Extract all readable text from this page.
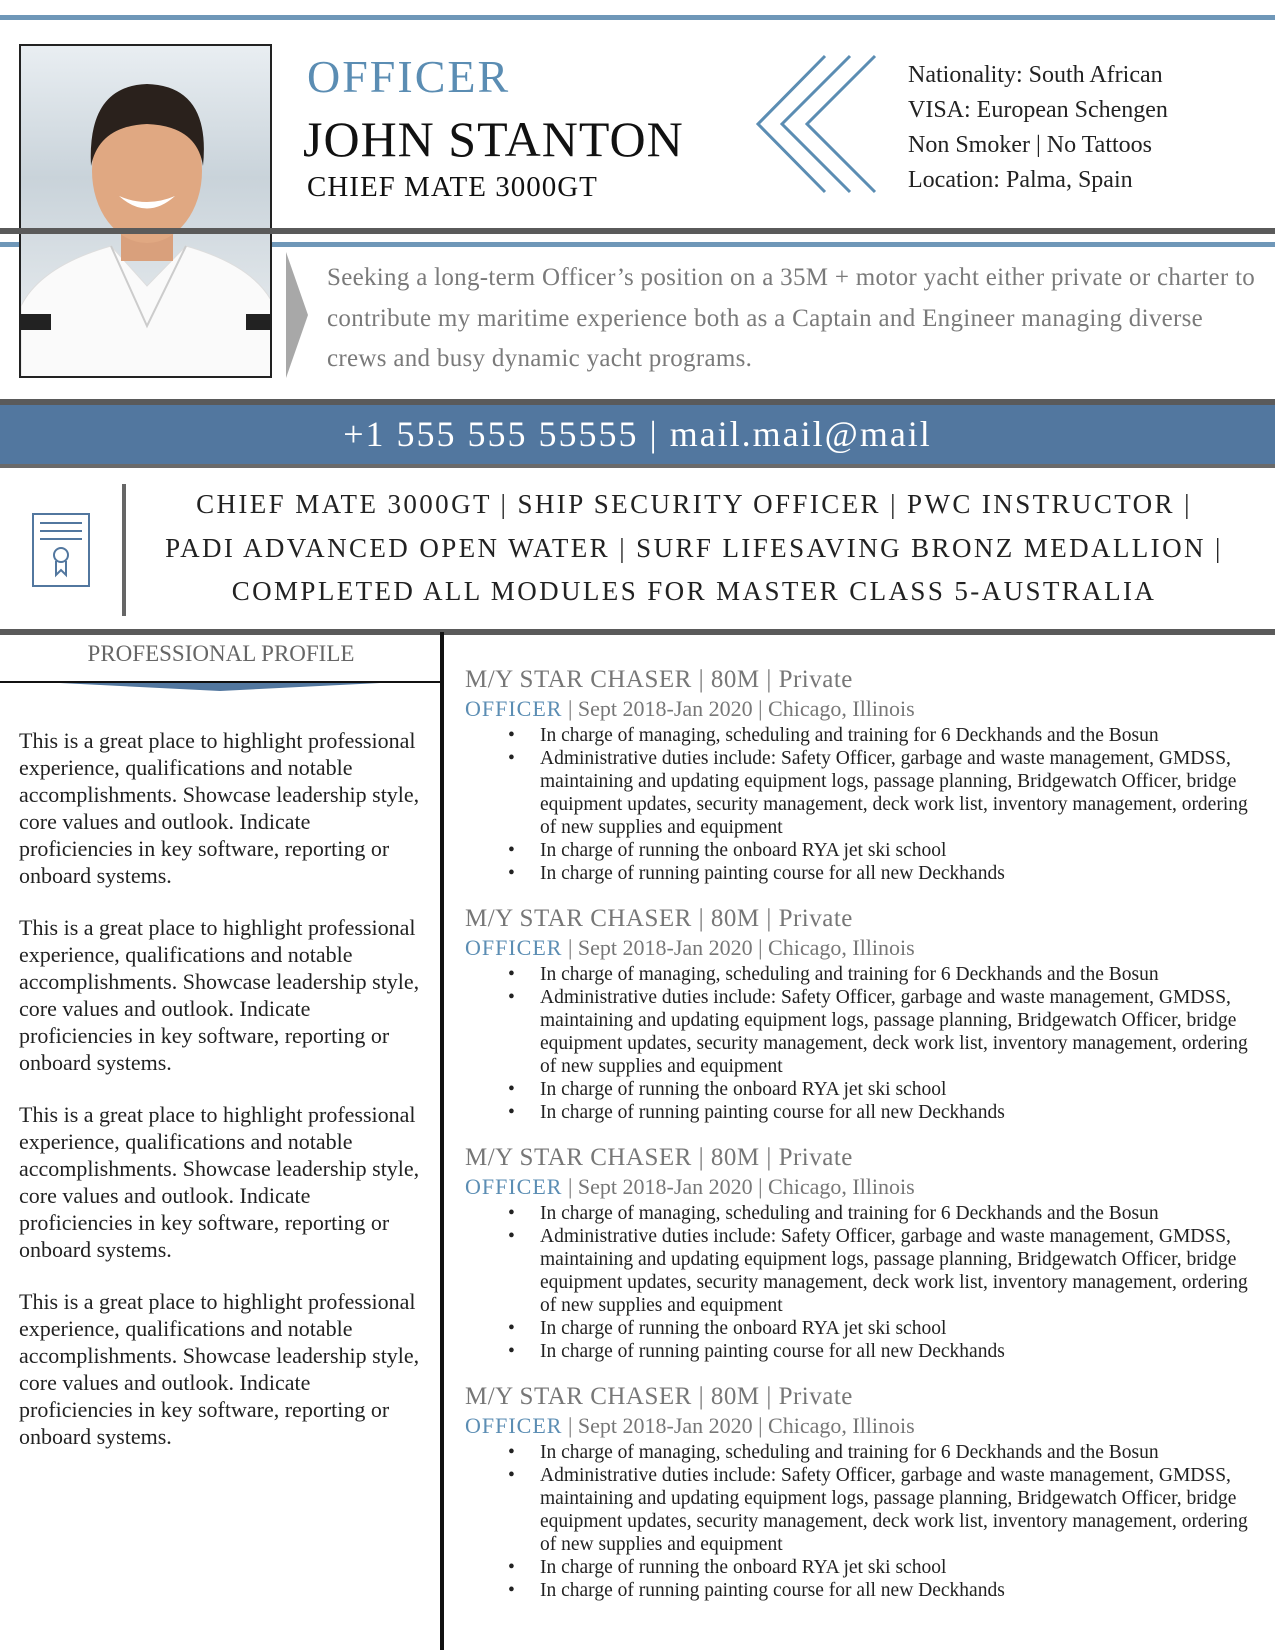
OFFICER
JOHN STANTON
CHIEF MATE 3000GT
Nationality: South African
VISA: European Schengen
Non Smoker | No Tattoos
Location: Palma, Spain
Seeking a long-term Officer’s position on a 35M + motor yacht either private or charter to contribute my maritime experience both as a Captain and Engineer managing diverse crews and busy dynamic yacht programs.
+1 555 555 55555 | mail.mail@mail
CHIEF MATE 3000GT | SHIP SECURITY OFFICER | PWC INSTRUCTOR |
PADI ADVANCED OPEN WATER | SURF LIFESAVING BRONZ MEDALLION |
COMPLETED ALL MODULES FOR MASTER CLASS 5-AUSTRALIA
PROFESSIONAL PROFILE
This is a great place to highlight professional experience, qualifications and notable accomplishments. Showcase leadership style, core values and outlook. Indicate proficiencies in key software, reporting or onboard systems.
This is a great place to highlight professional experience, qualifications and notable accomplishments. Showcase leadership style, core values and outlook. Indicate proficiencies in key software, reporting or onboard systems.
This is a great place to highlight professional experience, qualifications and notable accomplishments. Showcase leadership style, core values and outlook. Indicate proficiencies in key software, reporting or onboard systems.
This is a great place to highlight professional experience, qualifications and notable accomplishments. Showcase leadership style, core values and outlook. Indicate proficiencies in key software, reporting or onboard systems.
M/Y STAR CHASER | 80M | Private
OFFICER | Sept 2018-Jan 2020 | Chicago, Illinois
• In charge of managing, scheduling and training for 6 Deckhands and the Bosun
• Administrative duties include: Safety Officer, garbage and waste management, GMDSS, maintaining and updating equipment logs, passage planning, Bridgewatch Officer, bridge equipment updates, security management, deck work list, inventory management, ordering of new supplies and equipment
• In charge of running the onboard RYA jet ski school
• In charge of running painting course for all new Deckhands
M/Y STAR CHASER | 80M | Private
OFFICER | Sept 2018-Jan 2020 | Chicago, Illinois
• In charge of managing, scheduling and training for 6 Deckhands and the Bosun
• Administrative duties include: Safety Officer, garbage and waste management, GMDSS, maintaining and updating equipment logs, passage planning, Bridgewatch Officer, bridge equipment updates, security management, deck work list, inventory management, ordering of new supplies and equipment
• In charge of running the onboard RYA jet ski school
• In charge of running painting course for all new Deckhands
M/Y STAR CHASER | 80M | Private
OFFICER | Sept 2018-Jan 2020 | Chicago, Illinois
• In charge of managing, scheduling and training for 6 Deckhands and the Bosun
• Administrative duties include: Safety Officer, garbage and waste management, GMDSS, maintaining and updating equipment logs, passage planning, Bridgewatch Officer, bridge equipment updates, security management, deck work list, inventory management, ordering of new supplies and equipment
• In charge of running the onboard RYA jet ski school
• In charge of running painting course for all new Deckhands
M/Y STAR CHASER | 80M | Private
OFFICER | Sept 2018-Jan 2020 | Chicago, Illinois
• In charge of managing, scheduling and training for 6 Deckhands and the Bosun
• Administrative duties include: Safety Officer, garbage and waste management, GMDSS, maintaining and updating equipment logs, passage planning, Bridgewatch Officer, bridge equipment updates, security management, deck work list, inventory management, ordering of new supplies and equipment
• In charge of running the onboard RYA jet ski school
• In charge of running painting course for all new Deckhands
